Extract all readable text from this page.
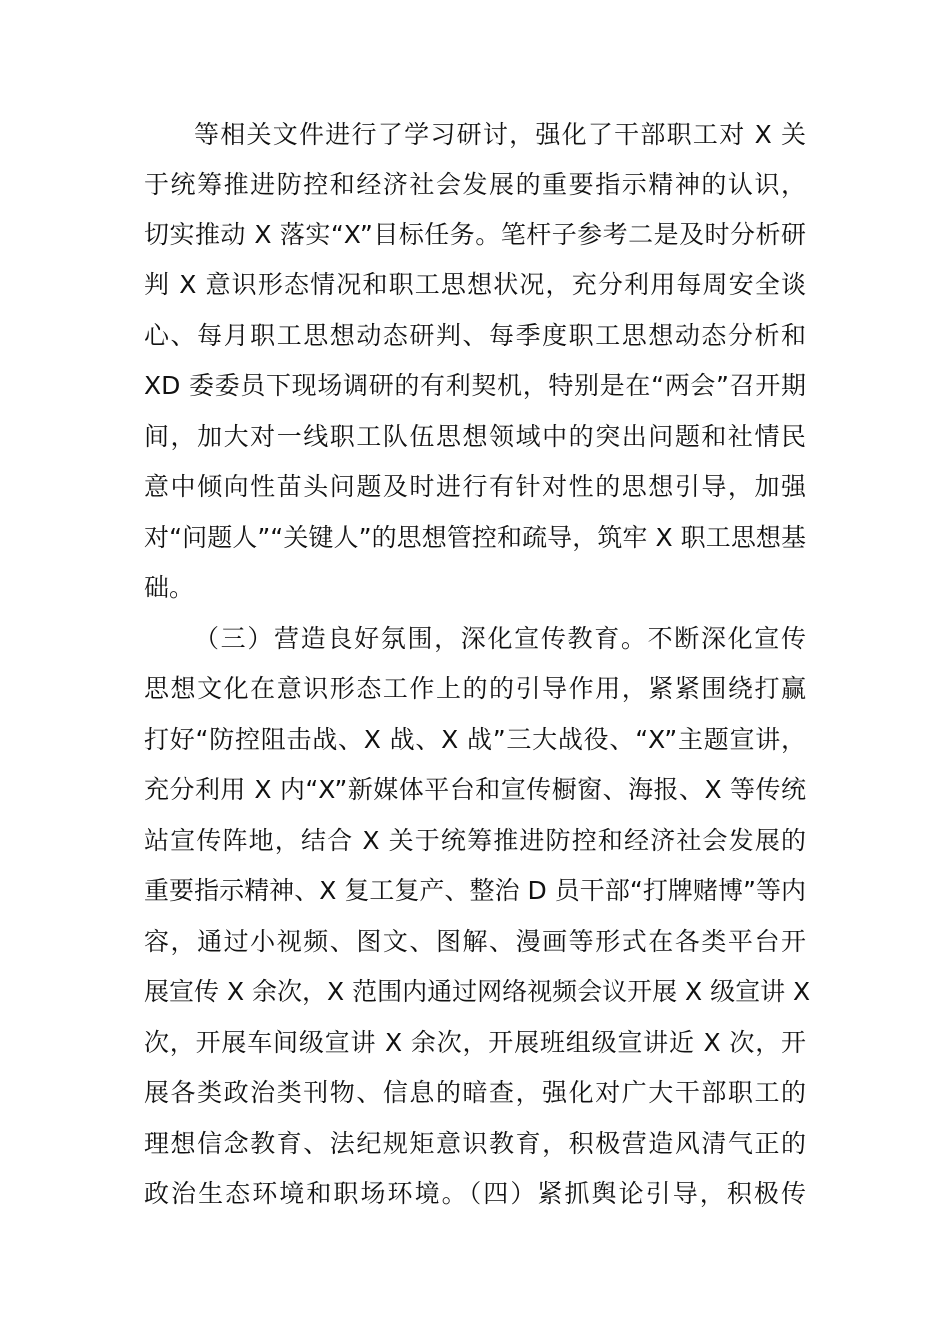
等相关文件进行了学习研讨，强化了干部职工对 X 关
于统筹推进防控和经济社会发展的重要指示精神的认识，
切实推动 X 落实“X”目标任务。笔杆子参考二是及时分析研
判 X 意识形态情况和职工思想状况，充分利用每周安全谈
心、每月职工思想动态研判、每季度职工思想动态分析和
XD 委委员下现场调研的有利契机，特别是在“两会”召开期
间，加大对一线职工队伍思想领域中的突出问题和社情民
意中倾向性苗头问题及时进行有针对性的思想引导，加强
对“问题人”“关键人”的思想管控和疏导，筑牢 X 职工思想基
础。
（三）营造良好氛围，深化宣传教育。不断深化宣传
思想文化在意识形态工作上的的引导作用，紧紧围绕打赢
打好“防控阻击战、X 战、X 战”三大战役、“X”主题宣讲，
充分利用 X 内“X”新媒体平台和宣传橱窗、海报、X 等传统
站宣传阵地，结合 X 关于统筹推进防控和经济社会发展的
重要指示精神、X 复工复产、整治 D 员干部“打牌赌博”等内
容，通过小视频、图文、图解、漫画等形式在各类平台开
展宣传 X 余次，X 范围内通过网络视频会议开展 X 级宣讲 X
次，开展车间级宣讲 X 余次，开展班组级宣讲近 X 次，开
展各类政治类刊物、信息的暗查，强化对广大干部职工的
理想信念教育、法纪规矩意识教育，积极营造风清气正的
政治生态环境和职场环境。（四）紧抓舆论引导，积极传
